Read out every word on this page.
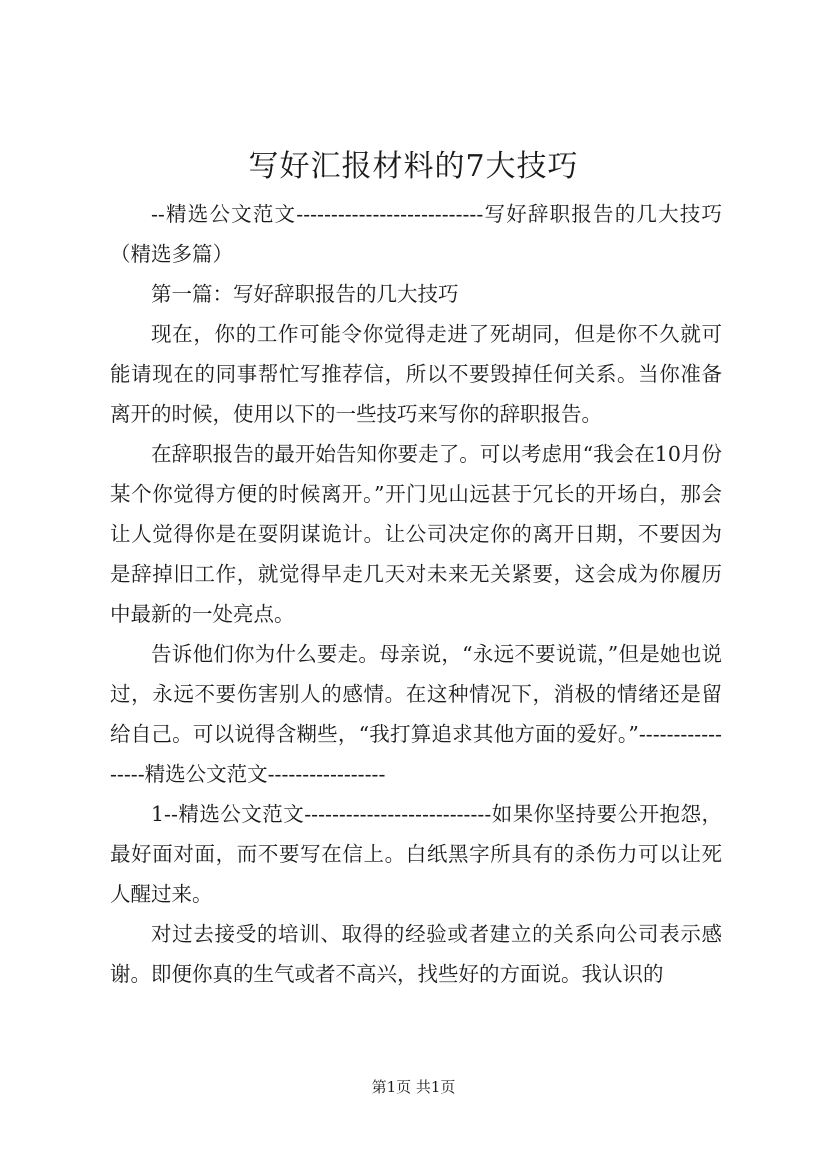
写好汇报材料的7大技巧

--精选公文范文---------------------------写好辞职报告的几大技巧（精选多篇）

第一篇：写好辞职报告的几大技巧

现在，你的工作可能令你觉得走进了死胡同，但是你不久就可能请现在的同事帮忙写推荐信，所以不要毁掉任何关系。当你准备离开的时候，使用以下的一些技巧来写你的辞职报告。

在辞职报告的最开始告知你要走了。可以考虑用“我会在10月份某个你觉得方便的时候离开。”开门见山远甚于冗长的开场白，那会让人觉得你是在耍阴谋诡计。让公司决定你的离开日期，不要因为是辞掉旧工作，就觉得早走几天对未来无关紧要，这会成为你履历中最新的一处亮点。

告诉他们你为什么要走。母亲说，“永远不要说谎，”但是她也说过，永远不要伤害别人的感情。在这种情况下，消极的情绪还是留给自己。可以说得含糊些，“我打算追求其他方面的爱好。”-----------------精选公文范文-----------------

1--精选公文范文---------------------------如果你坚持要公开抱怨，最好面对面，而不要写在信上。白纸黑字所具有的杀伤力可以让死人醒过来。

对过去接受的培训、取得的经验或者建立的关系向公司表示感谢。即便你真的生气或者不高兴，找些好的方面说。我认识的

第1页 共1页
